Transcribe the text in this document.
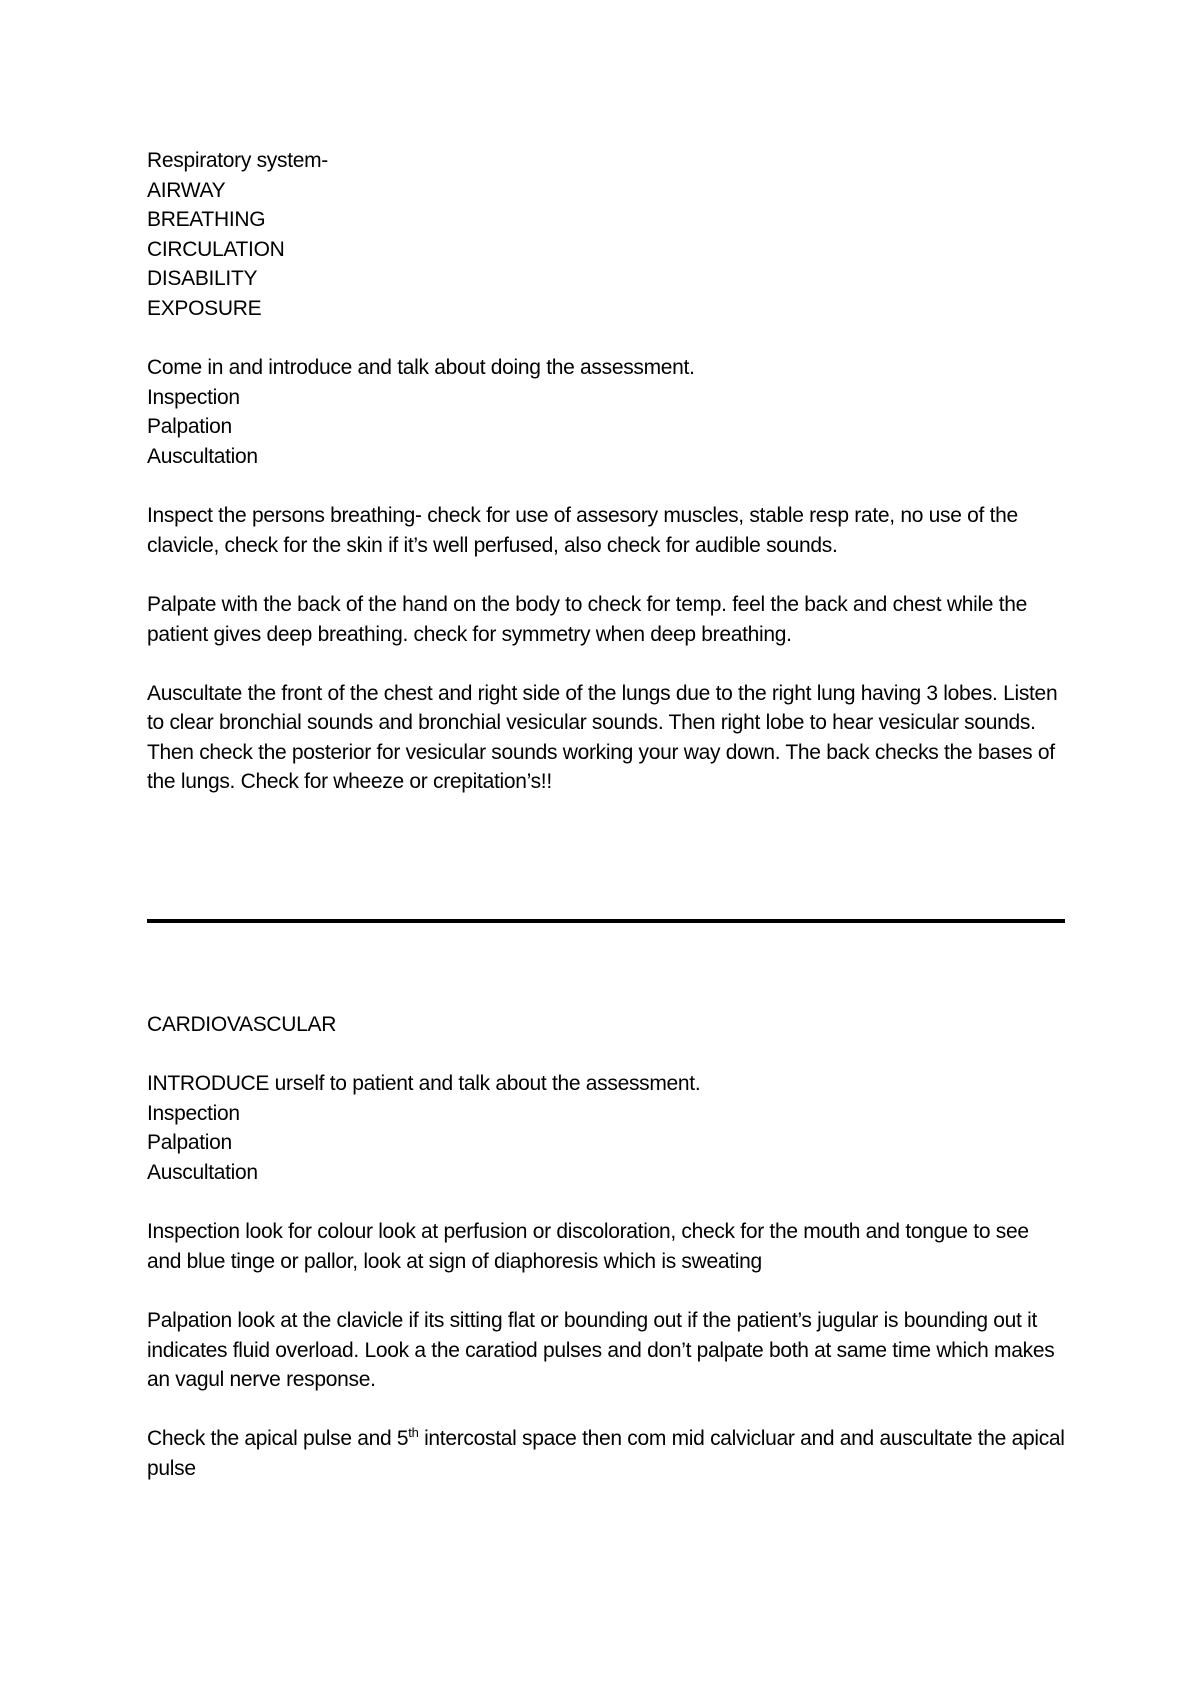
Respiratory system-
AIRWAY
BREATHING
CIRCULATION
DISABILITY
EXPOSURE
Come in and introduce and talk about doing the assessment.
Inspection
Palpation
Auscultation
Inspect the persons breathing- check for use of assesory muscles, stable resp rate, no use of the clavicle, check for the skin if it’s well perfused, also check for audible sounds.
Palpate with the back of the hand on the body to check for temp. feel the back and chest while the patient gives deep breathing. check for symmetry when deep breathing.
Auscultate the front of the chest and right side of the lungs due to the right lung having 3 lobes. Listen to clear bronchial sounds and bronchial vesicular sounds. Then right lobe to hear vesicular sounds. Then check the posterior for vesicular sounds working your way down. The back checks the bases of the lungs. Check for wheeze or crepitation’s!!
CARDIOVASCULAR
INTRODUCE urself to patient and talk about the assessment.
Inspection
Palpation
Auscultation
Inspection look for colour look at perfusion or discoloration, check for the mouth and tongue to see and blue tinge or pallor, look at sign of diaphoresis which is sweating
Palpation look at the clavicle if its sitting flat or bounding out if the patient’s jugular is bounding out it indicates fluid overload. Look a the caratiod pulses and don’t palpate both at same time which makes an vagul nerve response.
Check the apical pulse and 5th intercostal space then com mid calvicluar and and auscultate the apical pulse
